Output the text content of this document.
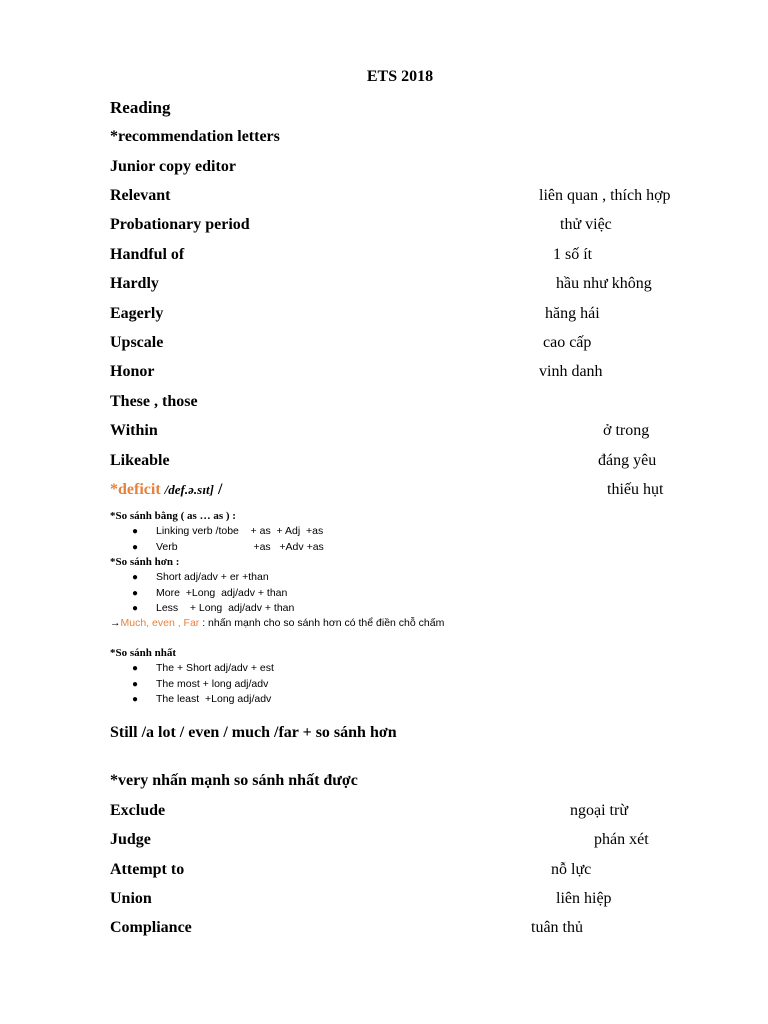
ETS 2018
Reading
*recommendation letters
Junior copy editor
Relevant	liên quan , thích hợp
Probationary period	thử việc
Handful of	1 số ít
Hardly	hầu như không
Eagerly	hăng hái
Upscale	cao cấp
Honor	vinh danh
These , those
Within	ở trong
Likeable	đáng yêu
*deficit /def.ə.sɪt] /	thiếu hụt
*So sánh bằng ( as … as ) :
● Linking verb /tobe    + as  + Adj  +as
● Verb                          +as   +Adv +as
*So sánh hơn :
● Short adj/adv + er +than
● More  +Long  adj/adv + than
● Less    + Long  adj/adv + than
→Much, even , Far : nhấn mạnh cho so sánh hơn có thể điền chỗ chấm
*So sánh nhất
● The + Short adj/adv + est
● The most + long adj/adv
● The least  +Long adj/adv
Still /a lot / even / much /far + so sánh hơn
*very nhấn mạnh so sánh nhất được
Exclude	ngoại trừ
Judge	phán xét
Attempt to	nỗ lực
Union	liên hiệp
Compliance	tuân thủ
